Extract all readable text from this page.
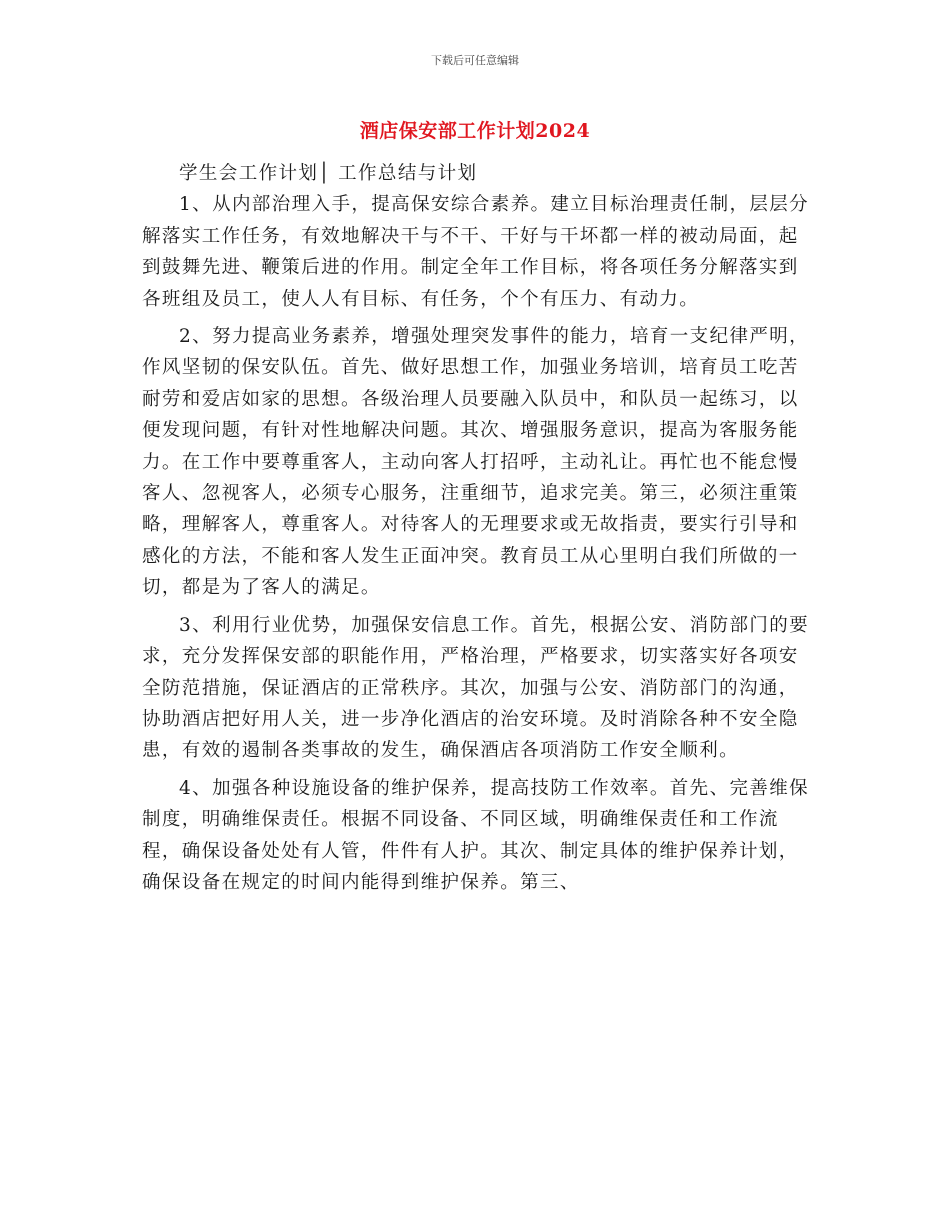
下载后可任意编辑
酒店保安部工作计划2024

学生会工作计划│ 工作总结与计划

1、从内部治理入手，提高保安综合素养。建立目标治理责任制，层层分解落实工作任务，有效地解决干与不干、干好与干坏都一样的被动局面，起到鼓舞先进、鞭策后进的作用。制定全年工作目标，将各项任务分解落实到各班组及员工，使人人有目标、有任务，个个有压力、有动力。

2、努力提高业务素养，增强处理突发事件的能力，培育一支纪律严明，作风坚韧的保安队伍。首先、做好思想工作，加强业务培训，培育员工吃苦耐劳和爱店如家的思想。各级治理人员要融入队员中，和队员一起练习，以便发现问题，有针对性地解决问题。其次、增强服务意识，提高为客服务能力。在工作中要尊重客人，主动向客人打招呼，主动礼让。再忙也不能怠慢客人、忽视客人，必须专心服务，注重细节，追求完美。第三，必须注重策略，理解客人，尊重客人。对待客人的无理要求或无故指责，要实行引导和感化的方法，不能和客人发生正面冲突。教育员工从心里明白我们所做的一切，都是为了客人的满足。

3、利用行业优势，加强保安信息工作。首先，根据公安、消防部门的要求，充分发挥保安部的职能作用，严格治理，严格要求，切实落实好各项安全防范措施，保证酒店的正常秩序。其次，加强与公安、消防部门的沟通，协助酒店把好用人关，进一步净化酒店的治安环境。及时消除各种不安全隐患，有效的遏制各类事故的发生，确保酒店各项消防工作安全顺利。

4、加强各种设施设备的维护保养，提高技防工作效率。首先、完善维保制度，明确维保责任。根据不同设备、不同区域，明确维保责任和工作流程，确保设备处处有人管，件件有人护。其次、制定具体的维护保养计划，确保设备在规定的时间内能得到维护保养。第三、
